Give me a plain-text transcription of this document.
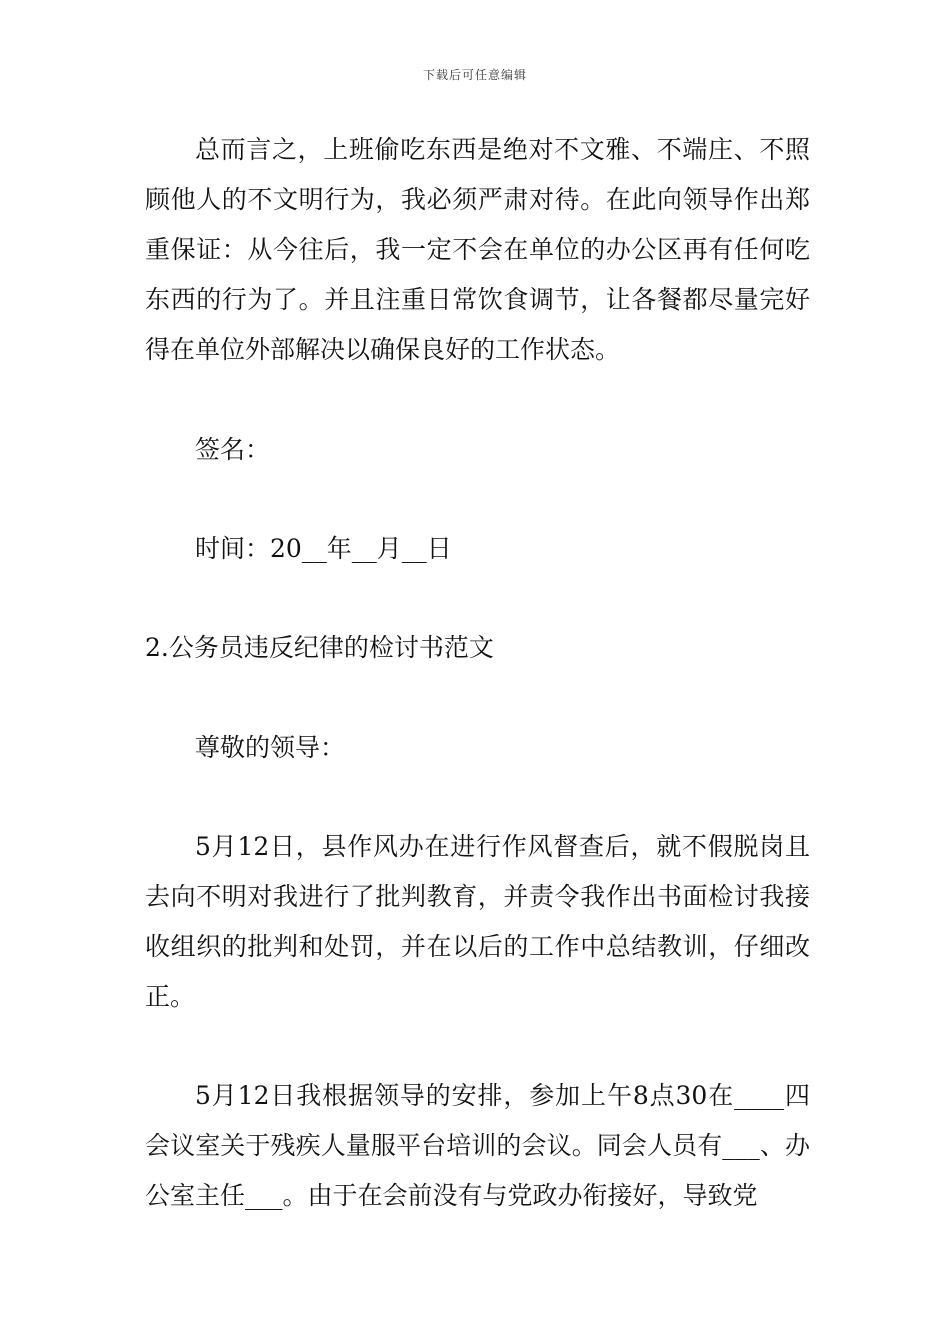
下载后可任意编辑

总而言之，上班偷吃东西是绝对不文雅、不端庄、不照顾他人的不文明行为，我必须严肃对待。在此向领导作出郑重保证：从今往后，我一定不会在单位的办公区再有任何吃东西的行为了。并且注重日常饮食调节，让各餐都尽量完好得在单位外部解决以确保良好的工作状态。

签名：

时间：20__年__月__日

2.公务员违反纪律的检讨书范文

尊敬的领导：

5月12日，县作风办在进行作风督查后，就不假脱岗且去向不明对我进行了批判教育，并责令我作出书面检讨我接收组织的批判和处罚，并在以后的工作中总结教训，仔细改正。

5月12日我根据领导的安排，参加上午8点30在____四会议室关于残疾人量服平台培训的会议。同会人员有___、办公室主任___。由于在会前没有与党政办衔接好，导致党
